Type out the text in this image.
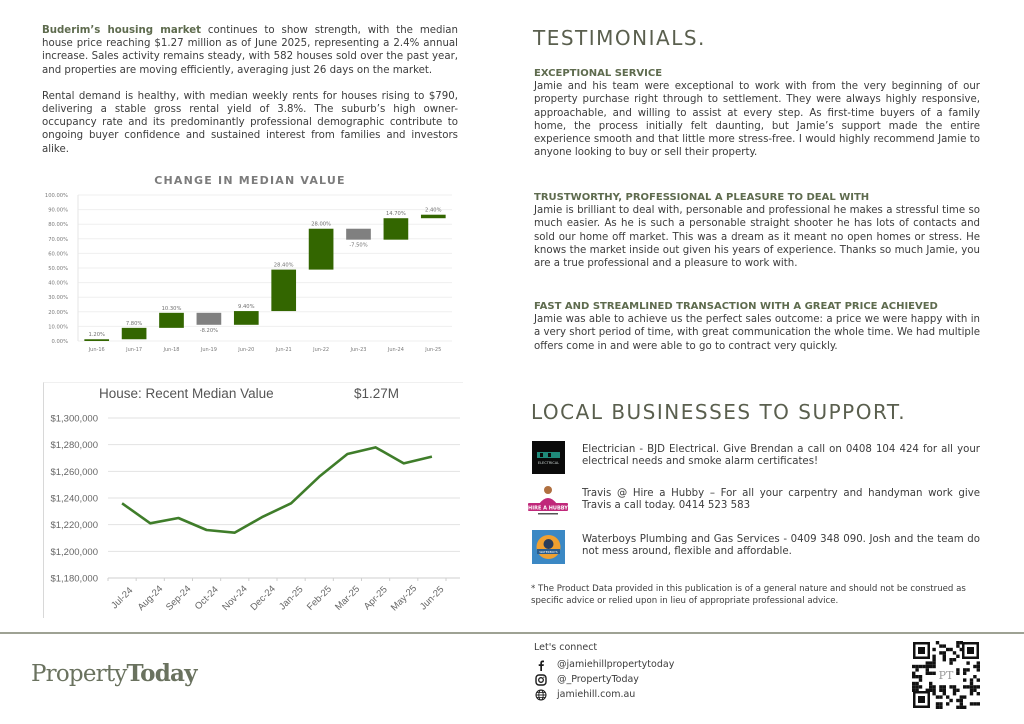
Buderim’s housing market continues to show strength, with the median house price reaching $1.27 million as of June 2025, representing a 2.4% annual increase. Sales activity remains steady, with 582 houses sold over the past year, and properties are moving efficiently, averaging just 26 days on the market.

Rental demand is healthy, with median weekly rents for houses rising to $790, delivering a stable gross rental yield of 3.8%. The suburb’s high owner-occupancy rate and its predominantly professional demographic contribute to ongoing buyer confidence and sustained interest from families and investors alike.

CHANGE IN MEDIAN VALUE
0.00%
10.00%
20.00%
30.00%
40.00%
50.00%
60.00%
70.00%
80.00%
90.00%
100.00%
1.20%
Jun-16
7.80%
Jun-17
10.30%
Jun-18
-8.20%
Jun-19
9.40%
Jun-20
28.40%
Jun-21
28.00%
Jun-22
-7.50%
Jun-23
14.70%
Jun-24
2.40%
Jun-25
House: Recent Median Value	$1.27M
$1,180,000
$1,200,000
$1,220,000
$1,240,000
$1,260,000
$1,280,000
$1,300,000
Jul-24 Aug-24
Sep-24 Oct-24 Nov-24
Dec-24 Jan-25 Feb-25 Mar-25 Apr-25 May-25
Jun-25
TESTIMONIALS.
EXCEPTIONAL SERVICE
Jamie and his team were exceptional to work with from the very beginning of our property purchase right through to settlement. They were always highly responsive, approachable, and willing to assist at every step. As first-time buyers of a family home, the process initially felt daunting, but Jamie’s support made the entire experience smooth and that little more stress-free. I would highly recommend Jamie to anyone looking to buy or sell their property.
TRUSTWORTHY, PROFESSIONAL A PLEASURE TO DEAL WITH
Jamie is brilliant to deal with, personable and professional he makes a stressful time so much easier. As he is such a personable straight shooter he has lots of contacts and sold our home off market. This was a dream as it meant no open homes or stress. He knows the market inside out given his years of experience. Thanks so much Jamie, you are a true professional and a pleasure to work with.
FAST AND STREAMLINED TRANSACTION WITH A GREAT PRICE ACHIEVED
Jamie was able to achieve us the perfect sales outcome: a price we were happy with in a very short period of time, with great communication the whole time. We had multiple offers come in and were able to go to contract very quickly.
LOCAL BUSINESSES TO SUPPORT.
ELECTRICAL
Electrician - BJD Electrical. Give Brendan a call on 0408 104 424 for all your electrical needs and smoke alarm certificates!
HIRE A HUBBY
Travis @ Hire a Hubby – For all your carpentry and handyman work give Travis a call today. 0414 523 583
WATERBOYS
Waterboys Plumbing and Gas Services - 0409 348 090. Josh and the team do not mess around, flexible and affordable.
* The Product Data provided in this publication is of a general nature and should not be construed as specific advice or relied upon in lieu of appropriate professional advice.
PropertyToday
Let's connect
@jamiehillpropertytoday
@_PropertyToday
jamiehill.com.au
PT
